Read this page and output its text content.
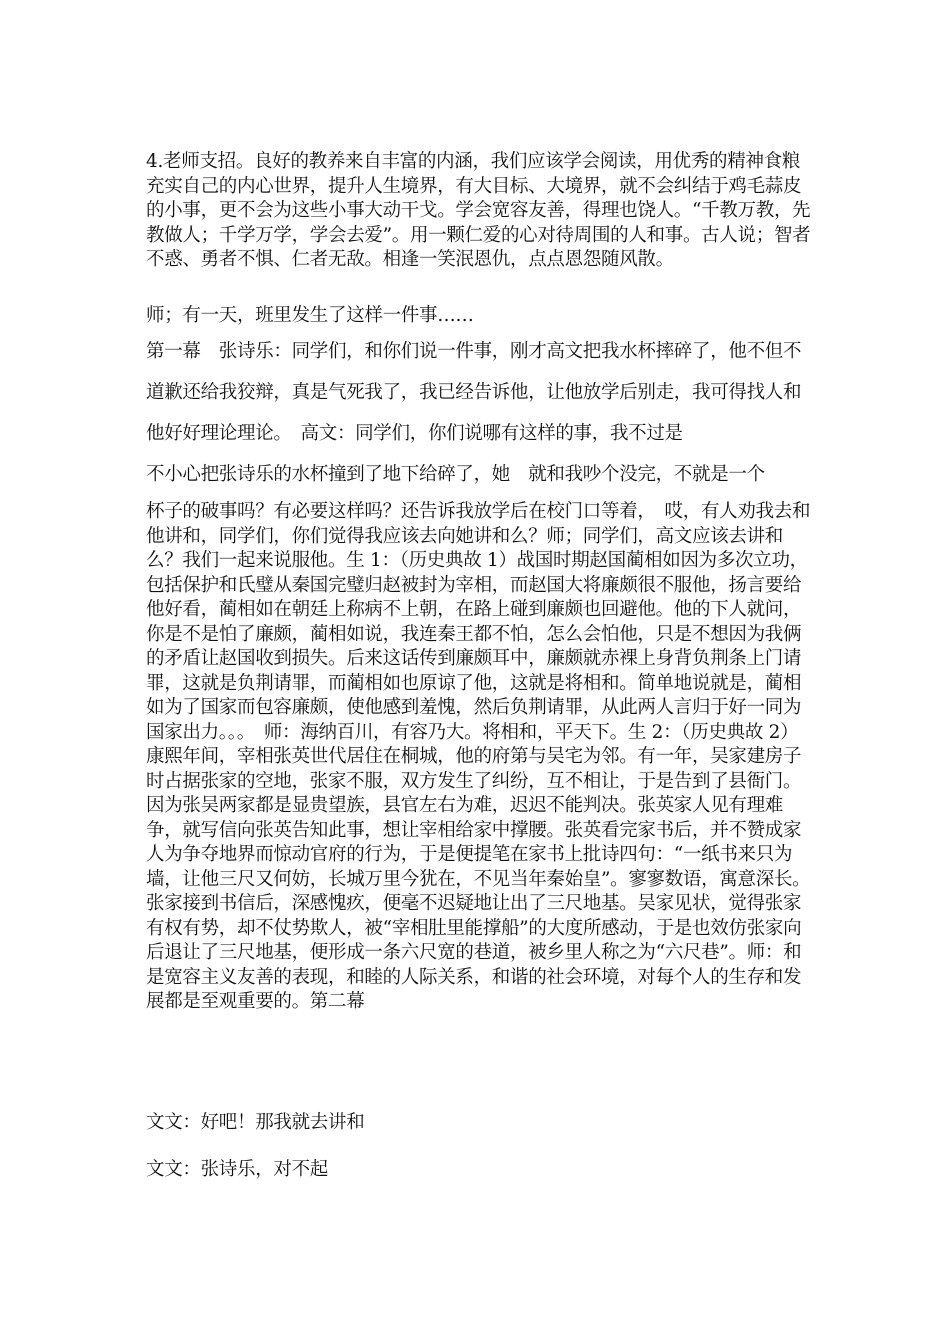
4.老师支招。良好的教养来自丰富的内涵，我们应该学会阅读，用优秀的精神食粮充实自己的内心世界，提升人生境界，有大目标、大境界，就不会纠结于鸡毛蒜皮的小事，更不会为这些小事大动干戈。学会宽容友善，得理也饶人。“千教万教，先教做人；千学万学，学会去爱”。用一颗仁爱的心对待周围的人和事。古人说；智者不惑、勇者不惧、仁者无敌。相逢一笑泯恩仇，点点恩怨随风散。

师；有一天，班里发生了这样一件事……

第一幕　张诗乐：同学们，和你们说一件事，刚才高文把我水杯摔碎了，他不但不道歉还给我狡辩，真是气死我了，我已经告诉他，让他放学后别走，我可得找人和他好好理论理论。　高文：同学们，你们说哪有这样的事，我不过是

不小心把张诗乐的水杯撞到了地下给碎了，她　就和我吵个没完，不就是一个

杯子的破事吗？有必要这样吗？还告诉我放学后在校门口等着，　哎，有人劝我去和他讲和，同学们，你们觉得我应该去向她讲和么？师；同学们，高文应该去讲和么？我们一起来说服他。生 1：（历史典故 1）战国时期赵国蔺相如因为多次立功，包括保护和氏璧从秦国完璧归赵被封为宰相，而赵国大将廉颇很不服他，扬言要给他好看，蔺相如在朝廷上称病不上朝，在路上碰到廉颇也回避他。他的下人就问，你是不是怕了廉颇，蔺相如说，我连秦王都不怕，怎么会怕他，只是不想因为我俩的矛盾让赵国收到损失。后来这话传到廉颇耳中，廉颇就赤裸上身背负荆条上门请罪，这就是负荆请罪，而蔺相如也原谅了他，这就是将相和。简单地说就是，蔺相如为了国家而包容廉颇，使他感到羞愧，然后负荆请罪，从此两人言归于好一同为国家出力。。。　师：海纳百川，有容乃大。将相和，平天下。生 2：（历史典故 2）康熙年间，宰相张英世代居住在桐城，他的府第与吴宅为邻。有一年，吴家建房子时占据张家的空地，张家不服，双方发生了纠纷，互不相让，于是告到了县衙门。因为张吴两家都是显贵望族，县官左右为难，迟迟不能判决。张英家人见有理难争，就写信向张英告知此事，想让宰相给家中撑腰。张英看完家书后，并不赞成家人为争夺地界而惊动官府的行为，于是便提笔在家书上批诗四句：“一纸书来只为墙，让他三尺又何妨，长城万里今犹在，不见当年秦始皇”。寥寥数语，寓意深长。张家接到书信后，深感愧疚，便毫不迟疑地让出了三尺地基。吴家见状，觉得张家有权有势，却不仗势欺人，被“宰相肚里能撑船”的大度所感动，于是也效仿张家向后退让了三尺地基，便形成一条六尺宽的巷道，被乡里人称之为“六尺巷”。师：和是宽容主义友善的表现，和睦的人际关系，和谐的社会环境，对每个人的生存和发展都是至观重要的。第二幕

文文：好吧！那我就去讲和

文文：张诗乐，对不起
